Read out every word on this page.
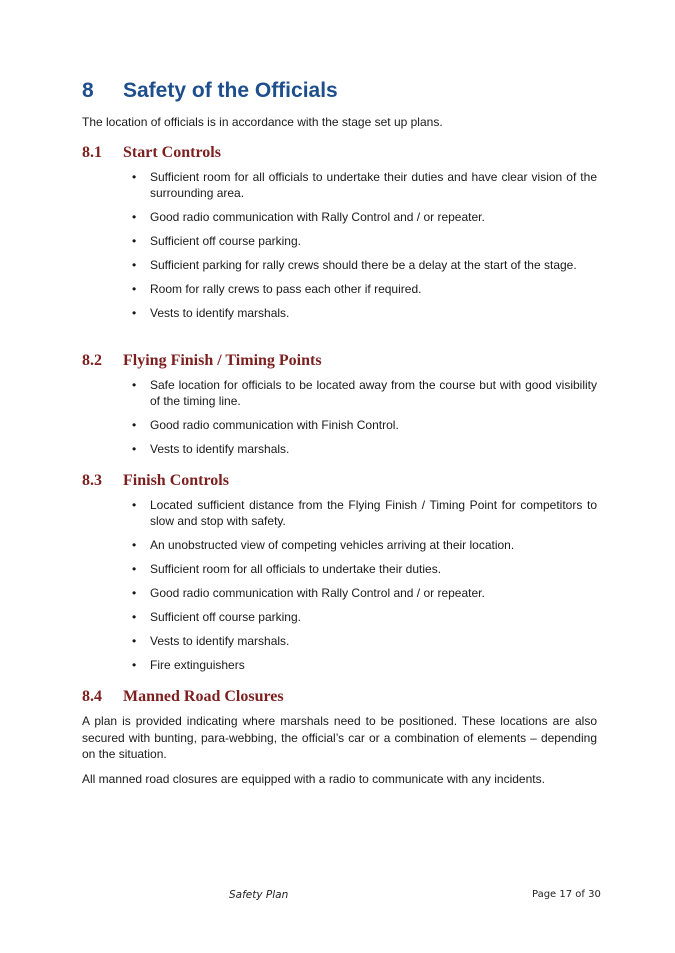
8 Safety of the Officials
The location of officials is in accordance with the stage set up plans.
8.1 Start Controls
• Sufficient room for all officials to undertake their duties and have clear vision of the surrounding area.
• Good radio communication with Rally Control and / or repeater.
• Sufficient off course parking.
• Sufficient parking for rally crews should there be a delay at the start of the stage.
• Room for rally crews to pass each other if required.
• Vests to identify marshals.
8.2 Flying Finish / Timing Points
• Safe location for officials to be located away from the course but with good visibility of the timing line.
• Good radio communication with Finish Control.
• Vests to identify marshals.
8.3 Finish Controls
• Located sufficient distance from the Flying Finish / Timing Point for competitors to slow and stop with safety.
• An unobstructed view of competing vehicles arriving at their location.
• Sufficient room for all officials to undertake their duties.
• Good radio communication with Rally Control and / or repeater.
• Sufficient off course parking.
• Vests to identify marshals.
• Fire extinguishers
8.4 Manned Road Closures

A plan is provided indicating where marshals need to be positioned. These locations are also secured with bunting, para-webbing, the official’s car or a combination of elements – depending on the situation.

All manned road closures are equipped with a radio to communicate with any incidents.

Safety Plan	Page 17 of 30
